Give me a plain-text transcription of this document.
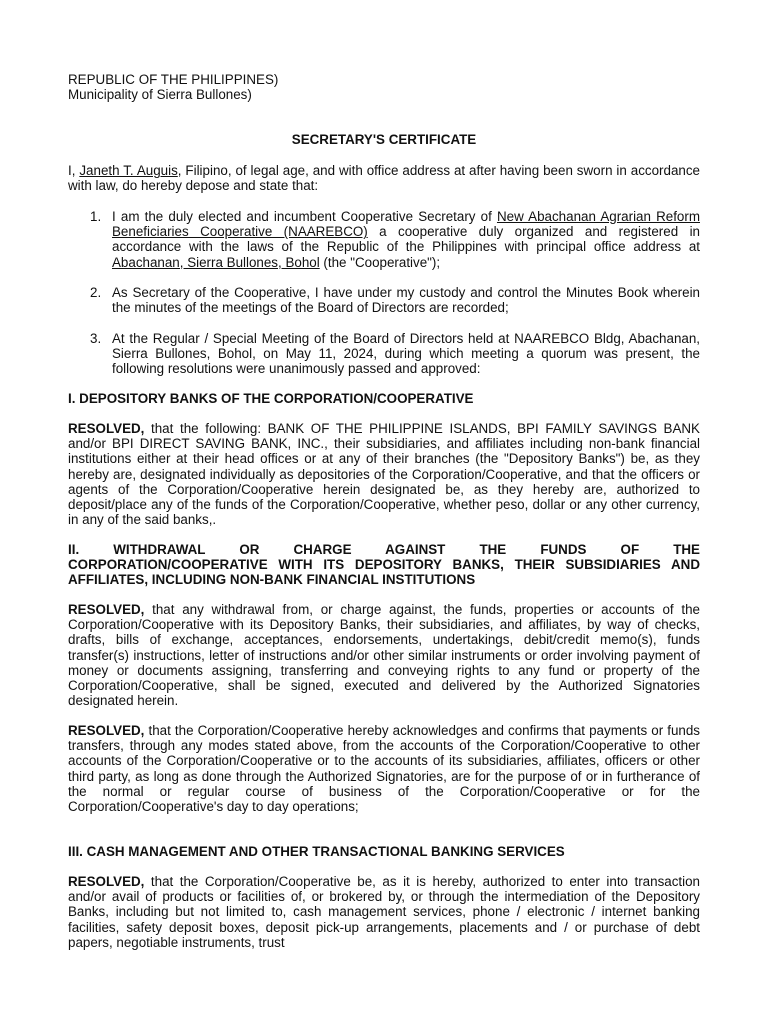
REPUBLIC OF THE PHILIPPINES)
Municipality of Sierra Bullones)
SECRETARY'S CERTIFICATE
I, Janeth T. Auguis, Filipino, of legal age, and with office address at after having been sworn in accordance with law, do hereby depose and state that:
1. I am the duly elected and incumbent Cooperative Secretary of New Abachanan Agrarian Reform Beneficiaries Cooperative (NAAREBCO) a cooperative duly organized and registered in accordance with the laws of the Republic of the Philippines with principal office address at Abachanan, Sierra Bullones, Bohol (the "Cooperative");
2. As Secretary of the Cooperative, I have under my custody and control the Minutes Book wherein the minutes of the meetings of the Board of Directors are recorded;
3. At the Regular / Special Meeting of the Board of Directors held at NAAREBCO Bldg, Abachanan, Sierra Bullones, Bohol, on May 11, 2024, during which meeting a quorum was present, the following resolutions were unanimously passed and approved:
I. DEPOSITORY BANKS OF THE CORPORATION/COOPERATIVE
RESOLVED, that the following: BANK OF THE PHILIPPINE ISLANDS, BPI FAMILY SAVINGS BANK and/or BPI DIRECT SAVING BANK, INC., their subsidiaries, and affiliates including non-bank financial institutions either at their head offices or at any of their branches (the "Depository Banks") be, as they hereby are, designated individually as depositories of the Corporation/Cooperative, and that the officers or agents of the Corporation/Cooperative herein designated be, as they hereby are, authorized to deposit/place any of the funds of the Corporation/Cooperative, whether peso, dollar or any other currency, in any of the said banks,.
II. WITHDRAWAL OR CHARGE AGAINST THE FUNDS OF THE
CORPORATION/COOPERATIVE WITH ITS DEPOSITORY BANKS, THEIR SUBSIDIARIES AND AFFILIATES, INCLUDING NON-BANK FINANCIAL INSTITUTIONS
RESOLVED, that any withdrawal from, or charge against, the funds, properties or accounts of the Corporation/Cooperative with its Depository Banks, their subsidiaries, and affiliates, by way of checks, drafts, bills of exchange, acceptances, endorsements, undertakings, debit/credit memo(s), funds transfer(s) instructions, letter of instructions and/or other similar instruments or order involving payment of money or documents assigning, transferring and conveying rights to any fund or property of the Corporation/Cooperative, shall be signed, executed and delivered by the Authorized Signatories designated herein.
RESOLVED, that the Corporation/Cooperative hereby acknowledges and confirms that payments or funds transfers, through any modes stated above, from the accounts of the Corporation/Cooperative to other accounts of the Corporation/Cooperative or to the accounts of its subsidiaries, affiliates, officers or other third party, as long as done through the Authorized Signatories, are for the purpose of or in furtherance of the normal or regular course of business of the Corporation/Cooperative or for the Corporation/Cooperative's day to day operations;
III. CASH MANAGEMENT AND OTHER TRANSACTIONAL BANKING SERVICES
RESOLVED, that the Corporation/Cooperative be, as it is hereby, authorized to enter into transaction and/or avail of products or facilities of, or brokered by, or through the intermediation of the Depository Banks, including but not limited to, cash management services, phone / electronic / internet banking facilities, safety deposit boxes, deposit pick-up arrangements, placements and / or purchase of debt papers, negotiable instruments, trust
